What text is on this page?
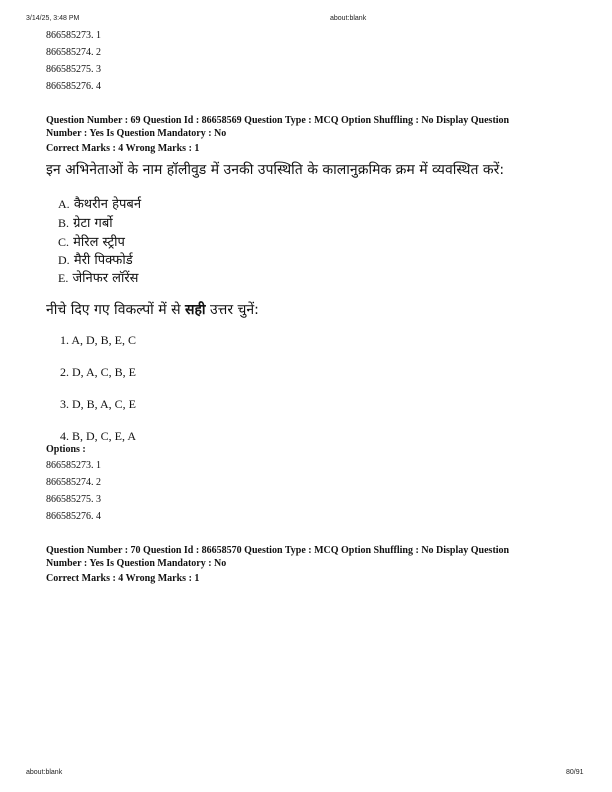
3/14/25, 3:48 PM	about:blank
866585273. 1
866585274. 2
866585275. 3
866585276. 4
Question Number : 69 Question Id : 86658569 Question Type : MCQ Option Shuffling : No Display Question
Number : Yes Is Question Mandatory : No
Correct Marks : 4 Wrong Marks : 1
इन अभिनेताओं के नाम हॉलीवुड में उनकी उपस्थिति के कालानुक्रमिक क्रम में व्यवस्थित करें:
A. कैथरीन हेपबर्न
B. ग्रेटा गर्बो
C. मेरिल स्ट्रीप
D. मैरी पिक्फोर्ड
E. जेनिफर लॉरेंस
नीचे दिए गए विकल्पों में से सही उत्तर चुनें:
1. A, D, B, E, C
2. D, A, C, B, E
3. D, B, A, C, E
4. B, D, C, E, A
Options :
866585273. 1
866585274. 2
866585275. 3
866585276. 4
Question Number : 70 Question Id : 86658570 Question Type : MCQ Option Shuffling : No Display Question
Number : Yes Is Question Mandatory : No
Correct Marks : 4 Wrong Marks : 1
about:blank	80/91
